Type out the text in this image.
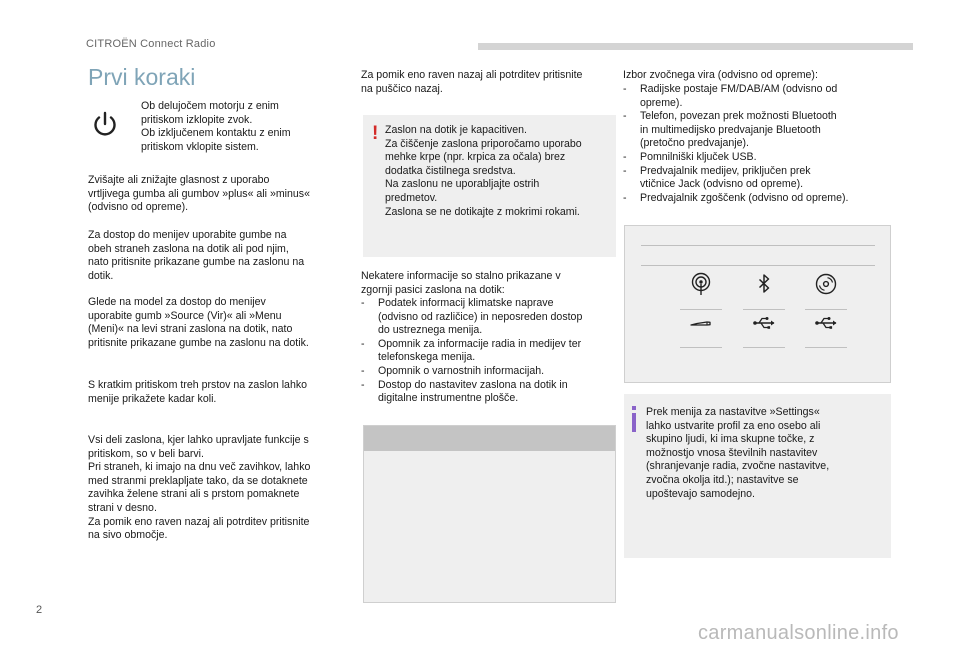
CITROËN Connect Radio
Prvi koraki
Ob delujočem motorju z enim
pritiskom izklopite zvok.
Ob izključenem kontaktu z enim
pritiskom vklopite sistem.
Zvišajte ali znižajte glasnost z uporabo
vrtljivega gumba ali gumbov »plus« ali »minus«
(odvisno od opreme).
Za dostop do menijev uporabite gumbe na
obeh straneh zaslona na dotik ali pod njim,
nato pritisnite prikazane gumbe na zaslonu na
dotik.
Glede na model za dostop do menijev
uporabite gumb »Source (Vir)« ali »Menu
(Meni)« na levi strani zaslona na dotik, nato
pritisnite prikazane gumbe na zaslonu na dotik.
S kratkim pritiskom treh prstov na zaslon lahko
menije prikažete kadar koli.
Vsi deli zaslona, kjer lahko upravljate funkcije s
pritiskom, so v beli barvi.
Pri straneh, ki imajo na dnu več zavihkov, lahko
med stranmi preklapljate tako, da se dotaknete
zavihka želene strani ali s prstom pomaknete
strani v desno.
Za pomik eno raven nazaj ali potrditev pritisnite
na sivo območje.
Za pomik eno raven nazaj ali potrditev pritisnite
na puščico nazaj.
! Zaslon na dotik je kapacitiven.
Za čiščenje zaslona priporočamo uporabo
mehke krpe (npr. krpica za očala) brez
dodatka čistilnega sredstva.
Na zaslonu ne uporabljajte ostrih
predmetov.
Zaslona se ne dotikajte z mokrimi rokami.
Nekatere informacije so stalno prikazane v
zgornji pasici zaslona na dotik:
- Podatek informacij klimatske naprave
(odvisno od različice) in neposreden dostop
do ustreznega menija.
- Opomnik za informacije radia in medijev ter
telefonskega menija.
- Opomnik o varnostnih informacijah.
- Dostop do nastavitev zaslona na dotik in
digitalne instrumentne plošče.
Izbor zvočnega vira (odvisno od opreme):
- Radijske postaje FM/DAB/AM (odvisno od
opreme).
- Telefon, povezan prek možnosti Bluetooth
in multimedijsko predvajanje Bluetooth
(pretočno predvajanje).
- Pomnilniški ključek USB.
- Predvajalnik medijev, priključen prek
vtičnice Jack (odvisno od opreme).
- Predvajalnik zgoščenk (odvisno od opreme).
Prek menija za nastavitve »Settings«
lahko ustvarite profil za eno osebo ali
skupino ljudi, ki ima skupne točke, z
možnostjo vnosa številnih nastavitev
(shranjevanje radia, zvočne nastavitve,
zvočna okolja itd.); nastavitve se
upoštevajo samodejno.
2
carmanualsonline.info
